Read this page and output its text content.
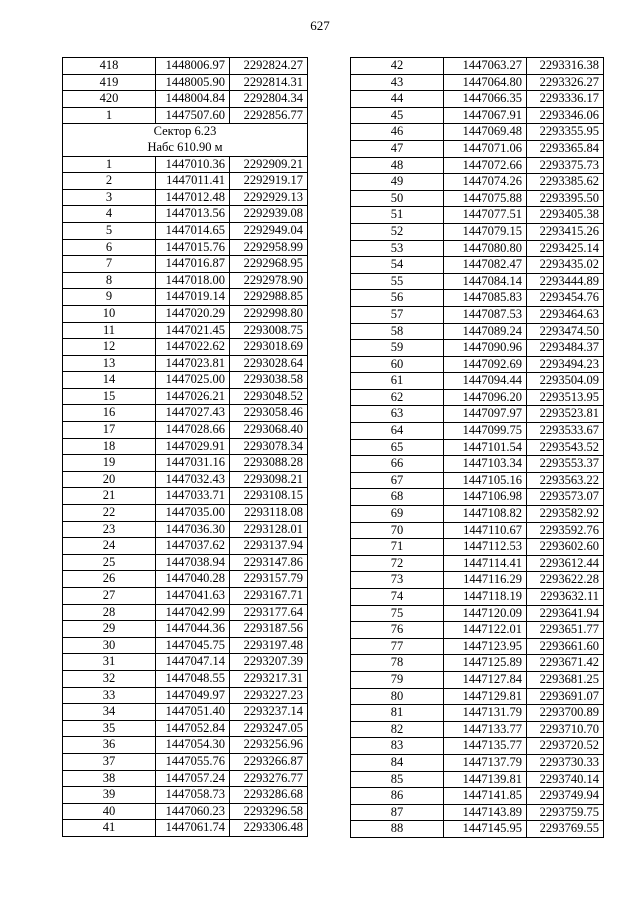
627
418	1448006.97	2292824.27
419	1448005.90	2292814.31
420	1448004.84	2292804.34
1	1447507.60	2292856.77

Сектор 6.23
Набс 610.90 м		

1	1447010.36	2292909.21
2	1447011.41	2292919.17
3	1447012.48	2292929.13
4	1447013.56	2292939.08
5	1447014.65	2292949.04
6	1447015.76	2292958.99
7	1447016.87	2292968.95
8	1447018.00	2292978.90
9	1447019.14	2292988.85
10	1447020.29	2292998.80
11	1447021.45	2293008.75
12	1447022.62	2293018.69
13	1447023.81	2293028.64
14	1447025.00	2293038.58
15	1447026.21	2293048.52
16	1447027.43	2293058.46
17	1447028.66	2293068.40
18	1447029.91	2293078.34
19	1447031.16	2293088.28
20	1447032.43	2293098.21
21	1447033.71	2293108.15
22	1447035.00	2293118.08
23	1447036.30	2293128.01
24	1447037.62	2293137.94
25	1447038.94	2293147.86
26	1447040.28	2293157.79
27	1447041.63	2293167.71
28	1447042.99	2293177.64
29	1447044.36	2293187.56
30	1447045.75	2293197.48
31	1447047.14	2293207.39
32	1447048.55	2293217.31
33	1447049.97	2293227.23
34	1447051.40	2293237.14
35	1447052.84	2293247.05
36	1447054.30	2293256.96
37	1447055.76	2293266.87
38	1447057.24	2293276.77
39	1447058.73	2293286.68
40	1447060.23	2293296.58
41	1447061.74	2293306.48
42	1447063.27	2293316.38
43	1447064.80	2293326.27
44	1447066.35	2293336.17
45	1447067.91	2293346.06
46	1447069.48	2293355.95
47	1447071.06	2293365.84
48	1447072.66	2293375.73
49	1447074.26	2293385.62
50	1447075.88	2293395.50
51	1447077.51	2293405.38
52	1447079.15	2293415.26
53	1447080.80	2293425.14
54	1447082.47	2293435.02
55	1447084.14	2293444.89
56	1447085.83	2293454.76
57	1447087.53	2293464.63
58	1447089.24	2293474.50
59	1447090.96	2293484.37
60	1447092.69	2293494.23
61	1447094.44	2293504.09
62	1447096.20	2293513.95
63	1447097.97	2293523.81
64	1447099.75	2293533.67
65	1447101.54	2293543.52
66	1447103.34	2293553.37
67	1447105.16	2293563.22
68	1447106.98	2293573.07
69	1447108.82	2293582.92
70	1447110.67	2293592.76
71	1447112.53	2293602.60
72	1447114.41	2293612.44
73	1447116.29	2293622.28
74	1447118.19	2293632.11
75	1447120.09	2293641.94
76	1447122.01	2293651.77
77	1447123.95	2293661.60
78	1447125.89	2293671.42
79	1447127.84	2293681.25
80	1447129.81	2293691.07
81	1447131.79	2293700.89
82	1447133.77	2293710.70
83	1447135.77	2293720.52
84	1447137.79	2293730.33
85	1447139.81	2293740.14
86	1447141.85	2293749.94
87	1447143.89	2293759.75
88	1447145.95	2293769.55
